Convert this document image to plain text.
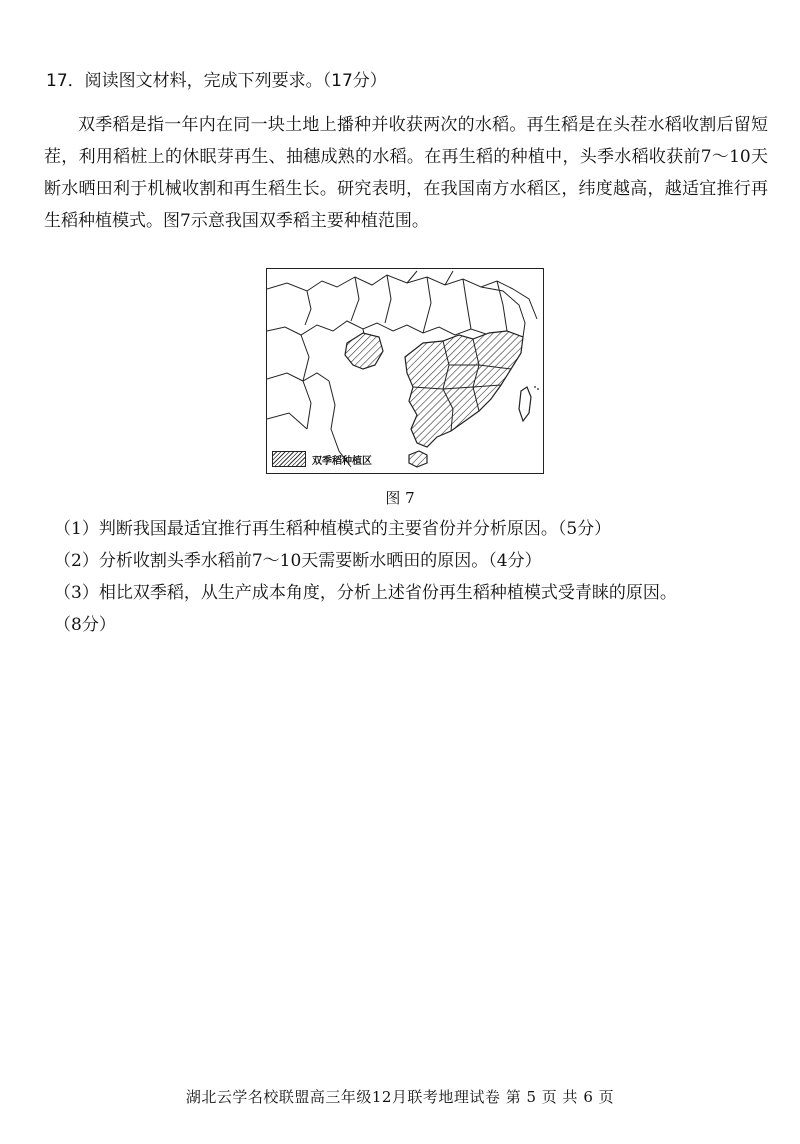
17．阅读图文材料，完成下列要求。（17分）

双季稻是指一年内在同一块土地上播种并收获两次的水稻。再生稻是在头茬水稻收割后留短茬，利用稻桩上的休眠芽再生、抽穗成熟的水稻。在再生稻的种植中，头季水稻收获前7～10天断水晒田利于机械收割和再生稻生长。研究表明，在我国南方水稻区，纬度越高，越适宜推行再生稻种植模式。图7示意我国双季稻主要种植范围。

双季稻种植区
图 7
（1）判断我国最适宜推行再生稻种植模式的主要省份并分析原因。（5分）
（2）分析收割头季水稻前7～10天需要断水晒田的原因。（4分）
（3）相比双季稻，从生产成本角度，分析上述省份再生稻种植模式受青睐的原因。
（8分）
湖北云学名校联盟高三年级12月联考地理试卷 第 5 页 共 6 页
